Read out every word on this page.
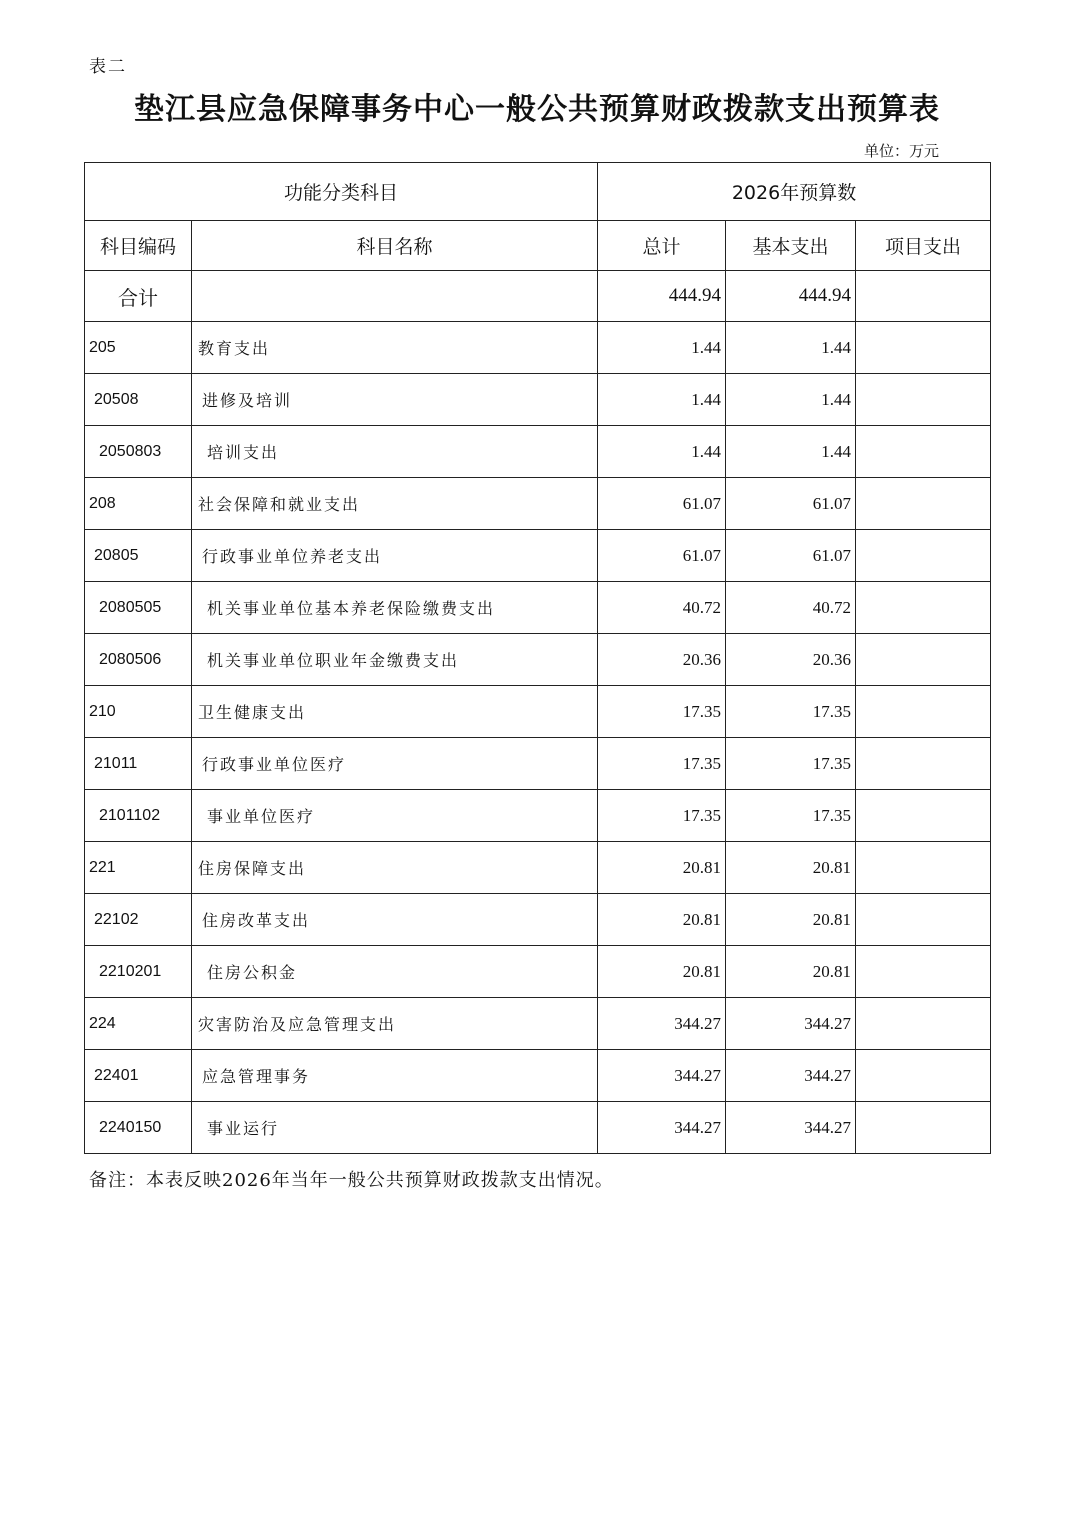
表二
垫江县应急保障事务中心一般公共预算财政拨款支出预算表
单位：万元
功能分类科目		2026年预算数		
科目编码	科目名称	总计	基本支出	项目支出
合计		444.94	444.94	
205	教育支出	1.44	1.44	
20508	进修及培训	1.44	1.44	
2050803	培训支出	1.44	1.44	
208	社会保障和就业支出	61.07	61.07	
20805	行政事业单位养老支出	61.07	61.07	
2080505	机关事业单位基本养老保险缴费支出	40.72	40.72	
2080506	机关事业单位职业年金缴费支出	20.36	20.36	
210	卫生健康支出	17.35	17.35	
21011	行政事业单位医疗	17.35	17.35	
2101102	事业单位医疗	17.35	17.35	
221	住房保障支出	20.81	20.81	
22102	住房改革支出	20.81	20.81	
2210201	住房公积金	20.81	20.81	
224	灾害防治及应急管理支出	344.27	344.27	
22401	应急管理事务	344.27	344.27	
2240150	事业运行	344.27	344.27	
备注：本表反映2026年当年一般公共预算财政拨款支出情况。
